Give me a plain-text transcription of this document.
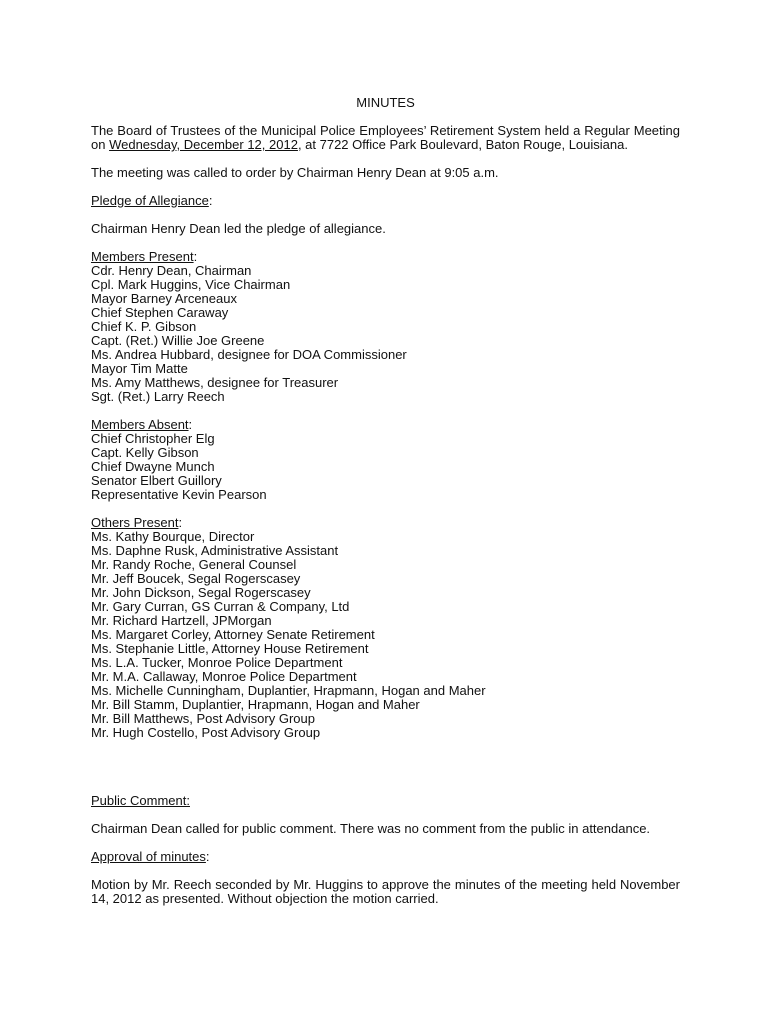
MINUTES

The Board of Trustees of the Municipal Police Employees’ Retirement System held a Regular Meeting on Wednesday, December 12, 2012, at 7722 Office Park Boulevard, Baton Rouge, Louisiana.

The meeting was called to order by Chairman Henry Dean at 9:05 a.m.

Pledge of Allegiance:

Chairman Henry Dean led the pledge of allegiance.

Members Present:
Cdr. Henry Dean, Chairman
Cpl. Mark Huggins, Vice Chairman
Mayor Barney Arceneaux
Chief Stephen Caraway
Chief K. P. Gibson
Capt. (Ret.) Willie Joe Greene
Ms. Andrea Hubbard, designee for DOA Commissioner
Mayor Tim Matte
Ms. Amy Matthews, designee for Treasurer
Sgt. (Ret.) Larry Reech
Members Absent:
Chief Christopher Elg
Capt. Kelly Gibson
Chief Dwayne Munch
Senator Elbert Guillory
Representative Kevin Pearson
Others Present:
Ms. Kathy Bourque, Director
Ms. Daphne Rusk, Administrative Assistant
Mr. Randy Roche, General Counsel
Mr. Jeff Boucek, Segal Rogerscasey
Mr. John Dickson, Segal Rogerscasey
Mr. Gary Curran, GS Curran & Company, Ltd
Mr. Richard Hartzell, JPMorgan
Ms. Margaret Corley, Attorney Senate Retirement
Ms. Stephanie Little, Attorney House Retirement
Ms. L.A. Tucker, Monroe Police Department
Mr. M.A. Callaway, Monroe Police Department
Ms. Michelle Cunningham, Duplantier, Hrapmann, Hogan and Maher
Mr. Bill Stamm, Duplantier, Hrapmann, Hogan and Maher
Mr. Bill Matthews, Post Advisory Group
Mr. Hugh Costello, Post Advisory Group

Public Comment:

Chairman Dean called for public comment. There was no comment from the public in attendance.

Approval of minutes:

Motion by Mr. Reech seconded by Mr. Huggins to approve the minutes of the meeting held November 14, 2012 as presented. Without objection the motion carried.
